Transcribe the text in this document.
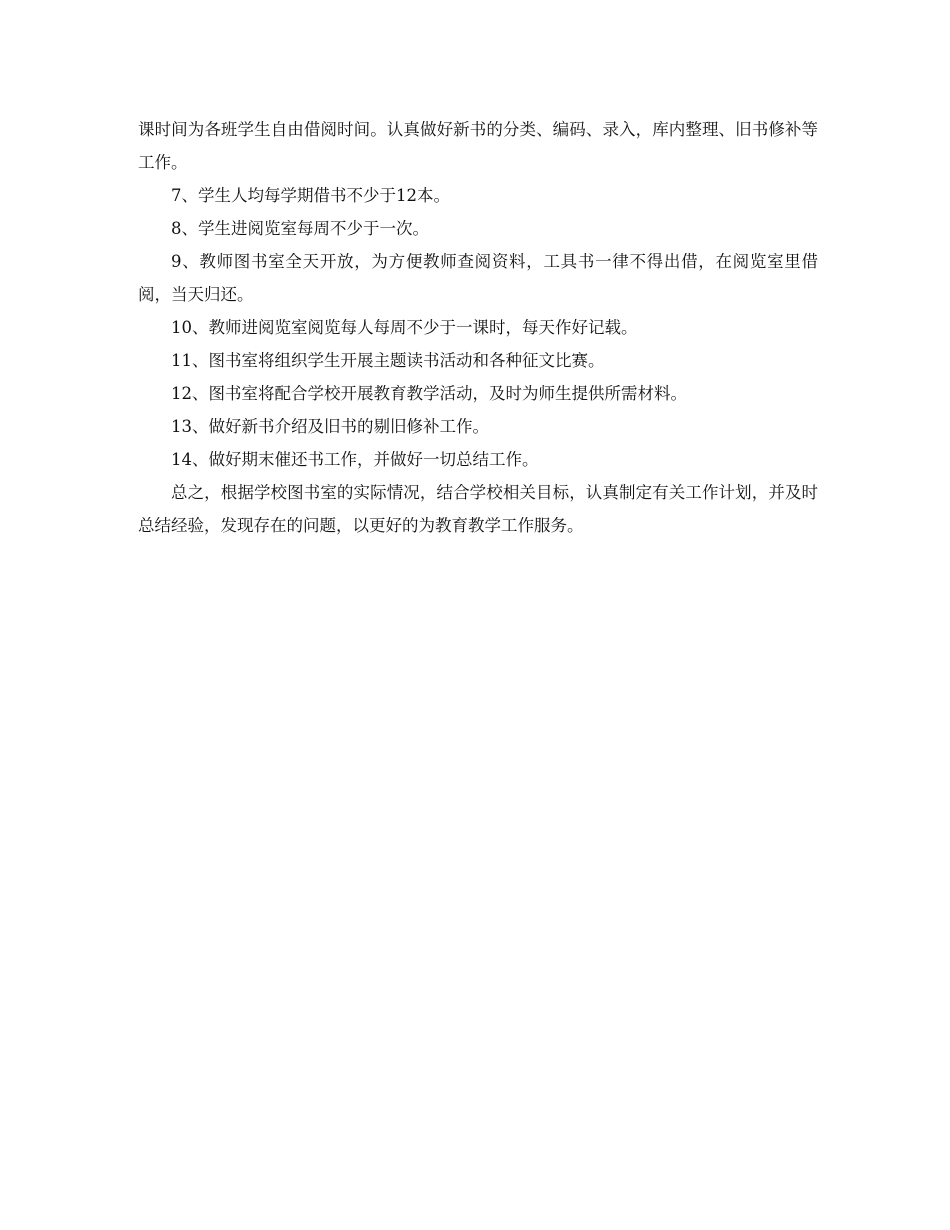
课时间为各班学生自由借阅时间。认真做好新书的分类、编码、录入，库内整理、旧书修补等工作。

7、学生人均每学期借书不少于12本。

8、学生进阅览室每周不少于一次。

9、教师图书室全天开放，为方便教师查阅资料，工具书一律不得出借，在阅览室里借阅，当天归还。

10、教师进阅览室阅览每人每周不少于一课时，每天作好记载。

11、图书室将组织学生开展主题读书活动和各种征文比赛。

12、图书室将配合学校开展教育教学活动，及时为师生提供所需材料。

13、做好新书介绍及旧书的剔旧修补工作。

14、做好期末催还书工作，并做好一切总结工作。

总之，根据学校图书室的实际情况，结合学校相关目标，认真制定有关工作计划，并及时总结经验，发现存在的问题，以更好的为教育教学工作服务。
